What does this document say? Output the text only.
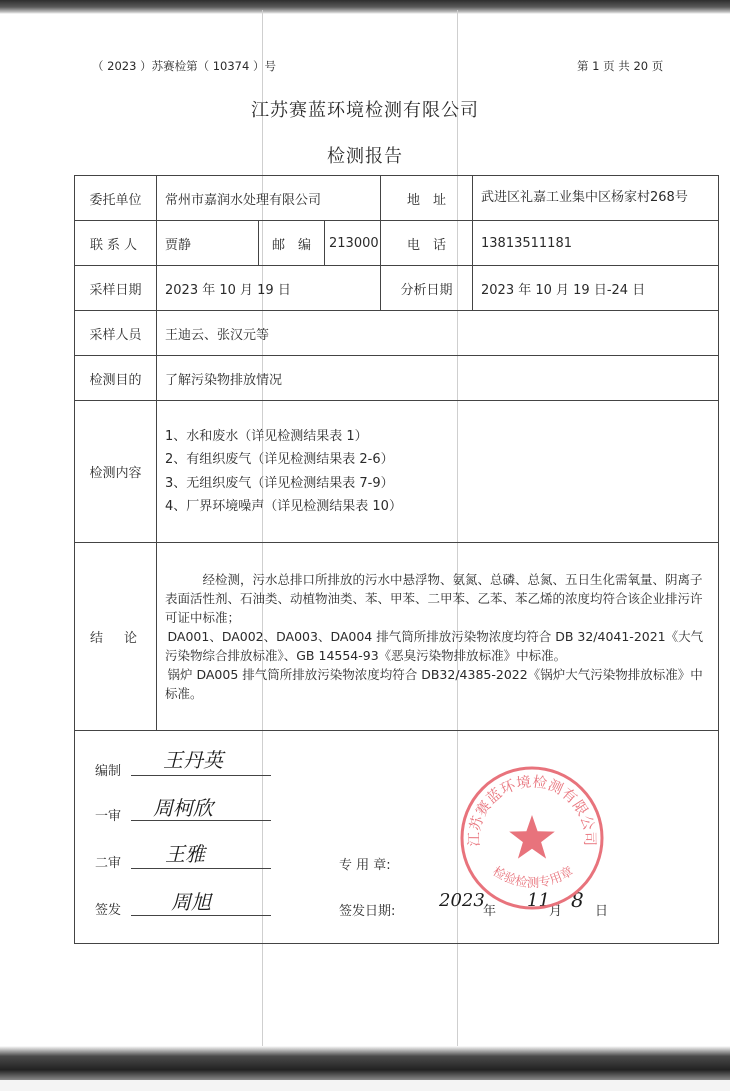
（ 2023 ）苏赛检第（ 10374 ）号	第 1 页 共 20 页
江苏赛蓝环境检测有限公司
检测报告
委托单位	常州市嘉润水处理有限公司			地　址	武进区礼嘉工业集中区杨家村268号
联系人	贾静	邮　编	213000	电　话	13813511181
采样日期	2023 年 10 月 19 日			分析日期	2023 年 10 月 19 日-24 日
采样人员	王迪云、张汉元等				
检测目的	了解污染物排放情况				
检测内容	1、水和废水（详见检测结果表 1）
2、有组织废气（详见检测结果表 2-6）
3、无组织废气（详见检测结果表 7-9）
4、厂界环境噪声（详见检测结果表 10）				

结　论	经检测，污水总排口所排放的污水中悬浮物、氨氮、总磷、总氮、五日生化需氧量、阴离子表面活性剂、石油类、动植物油类、苯、甲苯、二甲苯、乙苯、苯乙烯的浓度均符合该企业排污许可证中标准；

DA001、DA002、DA003、DA004 排气筒所排放污染物浓度均符合 DB 32/4041-2021《大气污染物综合排放标准》、GB 14554-93《恶臭污染物排放标准》中标准。

锅炉 DA005 排气筒所排放污染物浓度均符合 DB32/4385-2022《锅炉大气污染物排放标准》中标准。				

编制 王丹英
一审 周柯欣
二审 王雅
签发 周旭
专 用 章:
签发日期:
2023
年
11
月 8 日
江苏赛蓝环境检测有限公司
检验检测专用章
